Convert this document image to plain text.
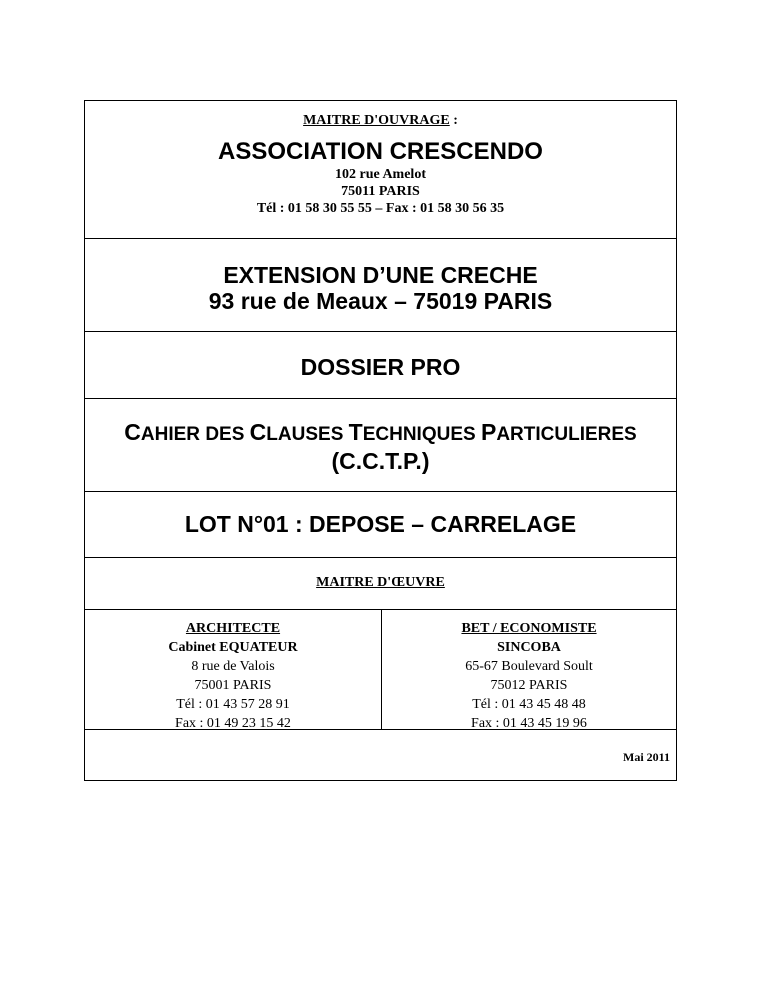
MAITRE D'OUVRAGE :
ASSOCIATION CRESCENDO
102 rue Amelot
75011 PARIS
Tél : 01 58 30 55 55 – Fax : 01 58 30 56 35
EXTENSION D’UNE CRECHE
93 rue de Meaux – 75019 PARIS
DOSSIER PRO
CAHIER DES CLAUSES TECHNIQUES PARTICULIERES
(C.C.T.P.)
LOT N°01 : DEPOSE – CARRELAGE
MAITRE D'ŒUVRE
ARCHITECTE
Cabinet EQUATEUR
8 rue de Valois
75001 PARIS
Tél : 01 43 57 28 91
Fax : 01 49 23 15 42
BET / ECONOMISTE
SINCOBA
65-67 Boulevard Soult
75012 PARIS
Tél : 01 43 45 48 48
Fax : 01 43 45 19 96
Mai 2011
